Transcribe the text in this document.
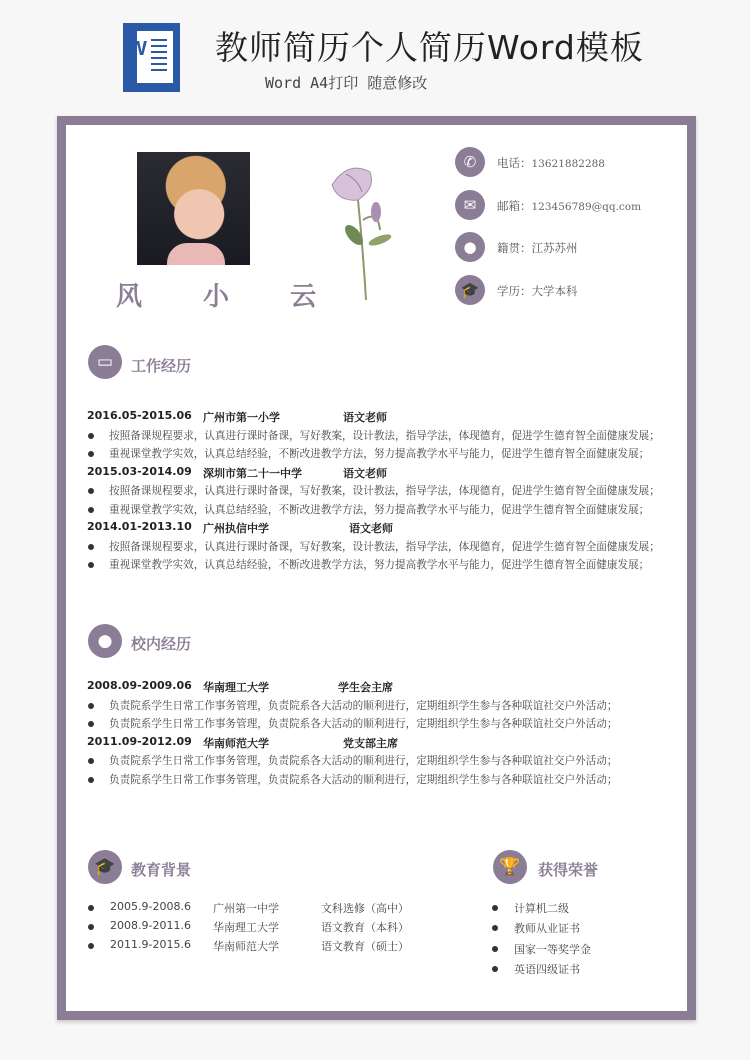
W 教师简历个人简历Word模板
Word A4打印 随意修改
风 小 云
✆	电话：13621882288
✉	邮箱：123456789@qq.com
●	籍贯：江苏苏州
🎓	学历：大学本科
▭	工作经历
2016.05-2015.06 广州市第一小学	语文老师
按照备课规程要求，认真进行课时备课，写好教案，设计教法，指导学法，体现德育，促进学生德育智全面健康发展；
重视课堂教学实效，认真总结经验，不断改进教学方法，努力提高教学水平与能力，促进学生德育智全面健康发展；
2015.03-2014.09 深圳市第二十一中学	语文老师
按照备课规程要求，认真进行课时备课，写好教案，设计教法，指导学法，体现德育，促进学生德育智全面健康发展；
重视课堂教学实效，认真总结经验，不断改进教学方法，努力提高教学水平与能力，促进学生德育智全面健康发展；
2014.01-2013.10 广州执信中学	语文老师
按照备课规程要求，认真进行课时备课，写好教案，设计教法，指导学法，体现德育，促进学生德育智全面健康发展；
重视课堂教学实效，认真总结经验，不断改进教学方法，努力提高教学水平与能力，促进学生德育智全面健康发展；
●	校内经历
2008.09-2009.06 华南理工大学	学生会主席
负责院系学生日常工作事务管理，负责院系各大活动的顺利进行，定期组织学生参与各种联谊社交户外活动；
负责院系学生日常工作事务管理，负责院系各大活动的顺利进行，定期组织学生参与各种联谊社交户外活动；
2011.09-2012.09 华南师范大学	党支部主席
负责院系学生日常工作事务管理，负责院系各大活动的顺利进行，定期组织学生参与各种联谊社交户外活动；
负责院系学生日常工作事务管理，负责院系各大活动的顺利进行，定期组织学生参与各种联谊社交户外活动；
🎓	教育背景
2005.9-2008.6 广州第一中学	文科选修（高中）
2008.9-2011.6 华南理工大学	语文教育（本科）
2011.9-2015.6 华南师范大学	语文教育（硕士）
🏆	获得荣誉
计算机二级
教师从业证书
国家一等奖学金
英语四级证书
